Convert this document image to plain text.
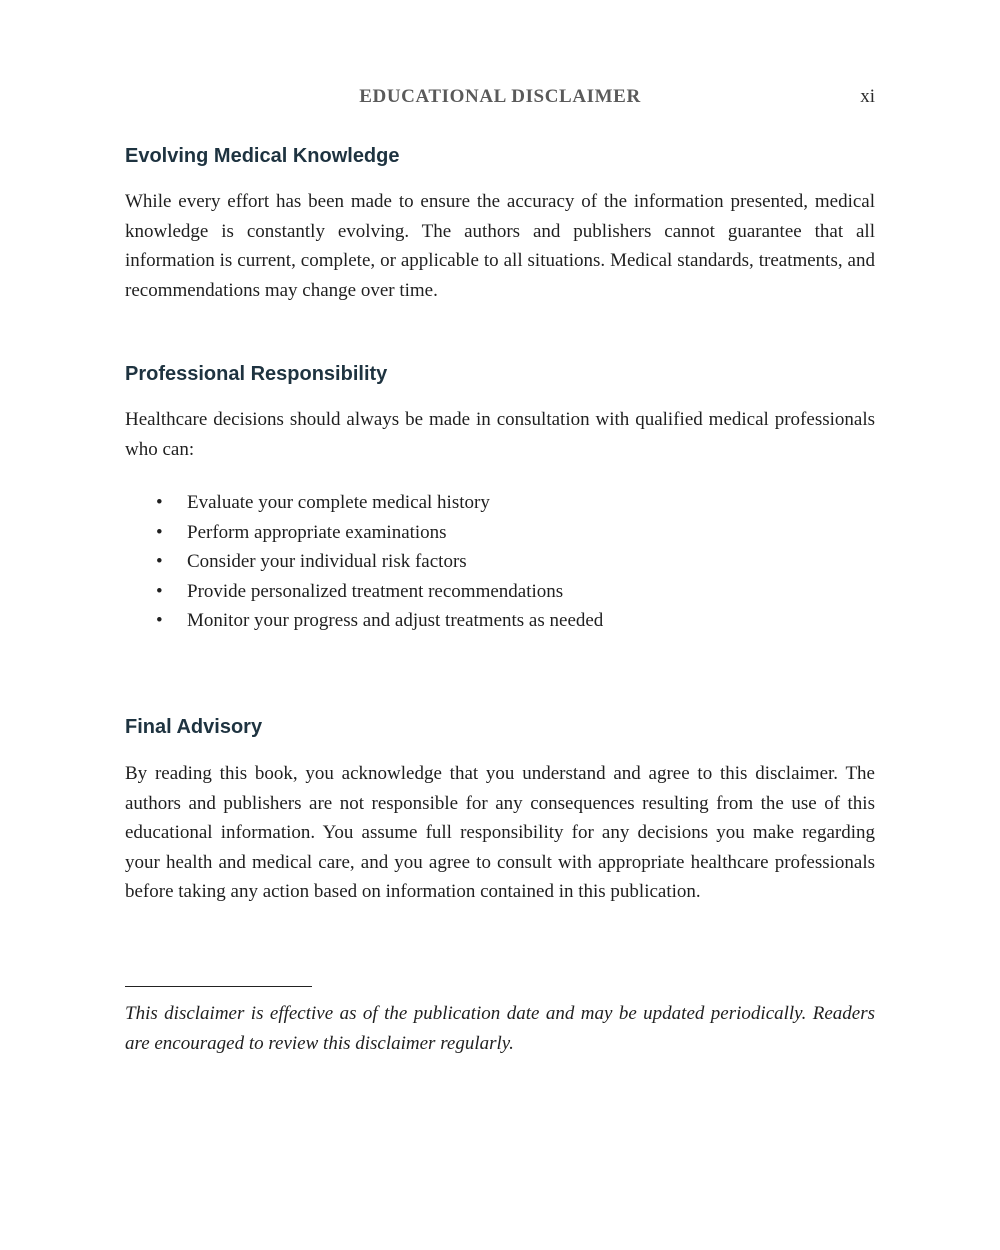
EDUCATIONAL DISCLAIMER	xi
Evolving Medical Knowledge

While every effort has been made to ensure the accuracy of the information presented, medical knowledge is constantly evolving. The authors and publishers cannot guarantee that all information is current, complete, or applicable to all situations. Medical standards, treatments, and recommendations may change over time.

Professional Responsibility

Healthcare decisions should always be made in consultation with qualified medical professionals who can:

• Evaluate your complete medical history
• Perform appropriate examinations
• Consider your individual risk factors
• Provide personalized treatment recommendations
• Monitor your progress and adjust treatments as needed
Final Advisory

By reading this book, you acknowledge that you understand and agree to this disclaimer. The authors and publishers are not responsible for any consequences resulting from the use of this educational information. You assume full responsibility for any decisions you make regarding your health and medical care, and you agree to consult with appropriate healthcare professionals before taking any action based on information contained in this publication.

This disclaimer is effective as of the publication date and may be updated periodically. Readers are encouraged to review this disclaimer regularly.
